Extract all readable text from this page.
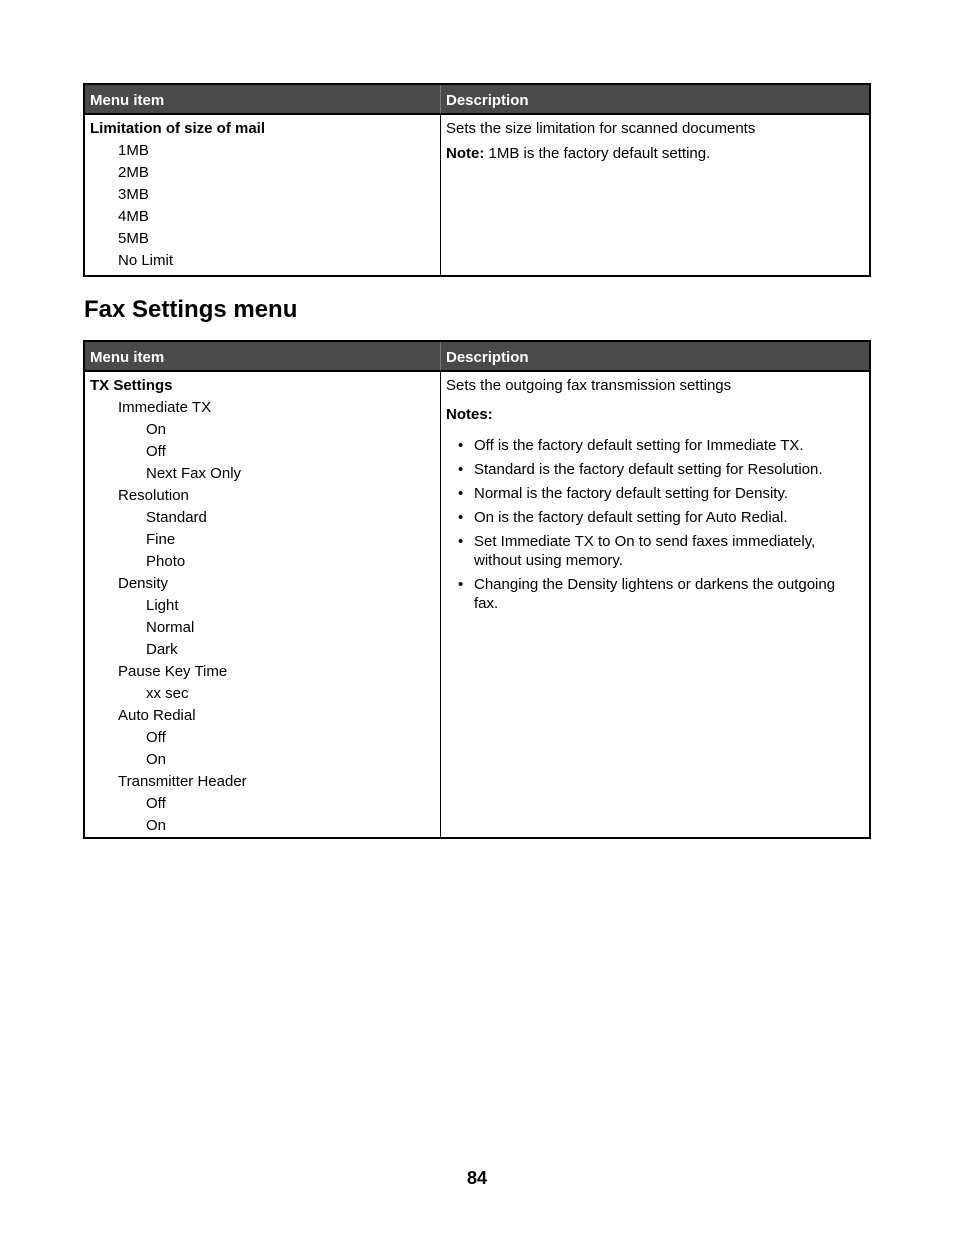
Menu item	Description
Limitation of size of mail
1MB
2MB
3MB
4MB
5MB
No Limit

Sets the size limitation for scanned documents

Note: 1MB is the factory default setting.

Fax Settings menu
Menu item	Description
TX Settings
Immediate TX
On
Off
Next Fax Only
Resolution
Standard
Fine
Photo
Density
Light
Normal
Dark
Pause Key Time
xx sec
Auto Redial
Off
On
Transmitter Header
Off
On

Sets the outgoing fax transmission settings

Notes:

• Off is the factory default setting for Immediate TX.
• Standard is the factory default setting for Resolution.
• Normal is the factory default setting for Density.
• On is the factory default setting for Auto Redial.
• Set Immediate TX to On to send faxes immediately, without using memory.
• Changing the Density lightens or darkens the outgoing fax.
84
